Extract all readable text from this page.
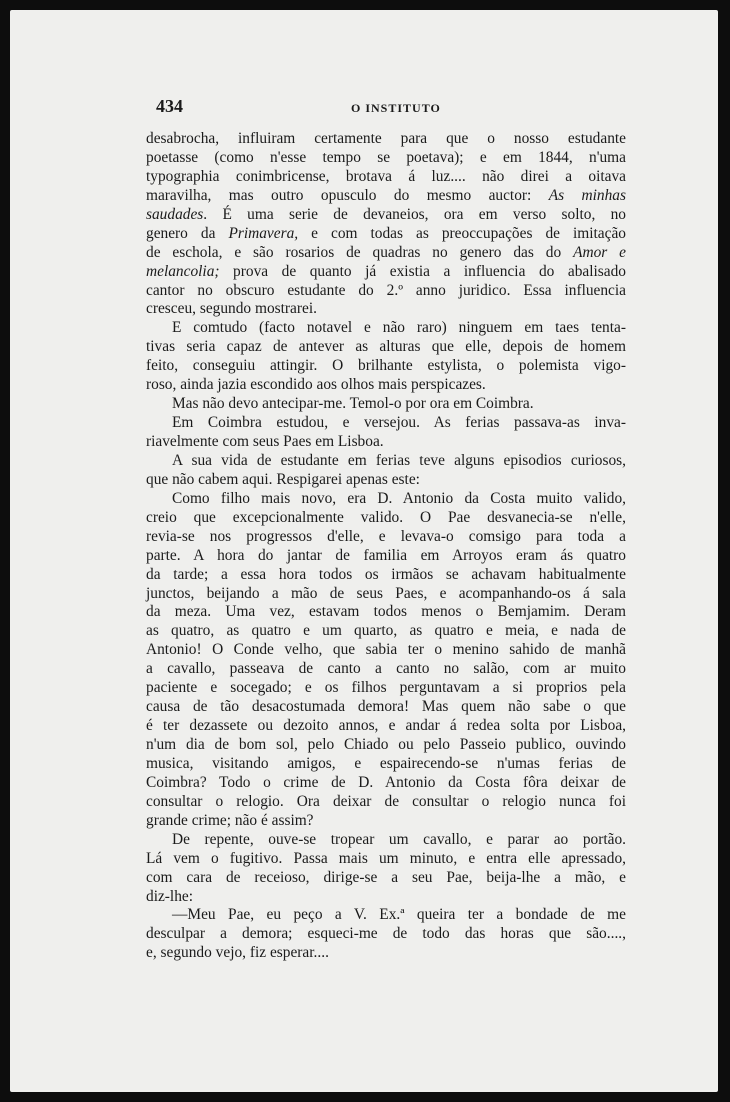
434	O INSTITUTO
desabrocha, influiram certamente para que o nosso estudante
poetasse (como n'esse tempo se poetava); e em 1844, n'uma
typographia conimbricense, brotava á luz.... não direi a oitava
maravilha, mas outro opusculo do mesmo auctor: As minhas
saudades. É uma serie de devaneios, ora em verso solto, no
genero da Primavera, e com todas as preoccupações de imitação
de eschola, e são rosarios de quadras no genero das do Amor e
melancolia; prova de quanto já existia a influencia do abalisado
cantor no obscuro estudante do 2.º anno juridico. Essa influencia
cresceu, segundo mostrarei.
E comtudo (facto notavel e não raro) ninguem em taes tenta-
tivas seria capaz de antever as alturas que elle, depois de homem
feito, conseguiu attingir. O brilhante estylista, o polemista vigo-
roso, ainda jazia escondido aos olhos mais perspicazes.
Mas não devo antecipar-me. Temol-o por ora em Coimbra.
Em Coimbra estudou, e versejou. As ferias passava-as inva-
riavelmente com seus Paes em Lisboa.
A sua vida de estudante em ferias teve alguns episodios curiosos,
que não cabem aqui. Respigarei apenas este:
Como filho mais novo, era D. Antonio da Costa muito valido,
creio que excepcionalmente valido. O Pae desvanecia-se n'elle,
revia-se nos progressos d'elle, e levava-o comsigo para toda a
parte. A hora do jantar de familia em Arroyos eram ás quatro
da tarde; a essa hora todos os irmãos se achavam habitualmente
junctos, beijando a mão de seus Paes, e acompanhando-os á sala
da meza. Uma vez, estavam todos menos o Bemjamim. Deram
as quatro, as quatro e um quarto, as quatro e meia, e nada de
Antonio! O Conde velho, que sabia ter o menino sahido de manhã
a cavallo, passeava de canto a canto no salão, com ar muito
paciente e socegado; e os filhos perguntavam a si proprios pela
causa de tão desacostumada demora! Mas quem não sabe o que
é ter dezassete ou dezoito annos, e andar á redea solta por Lisboa,
n'um dia de bom sol, pelo Chiado ou pelo Passeio publico, ouvindo
musica, visitando amigos, e espairecendo-se n'umas ferias de
Coimbra? Todo o crime de D. Antonio da Costa fôra deixar de
consultar o relogio. Ora deixar de consultar o relogio nunca foi
grande crime; não é assim?
De repente, ouve-se tropear um cavallo, e parar ao portão.
Lá vem o fugitivo. Passa mais um minuto, e entra elle apressado,
com cara de receioso, dirige-se a seu Pae, beija-lhe a mão, e
diz-lhe:
—Meu Pae, eu peço a V. Ex.ª queira ter a bondade de me
desculpar a demora; esqueci-me de todo das horas que são....,
e, segundo vejo, fiz esperar....
